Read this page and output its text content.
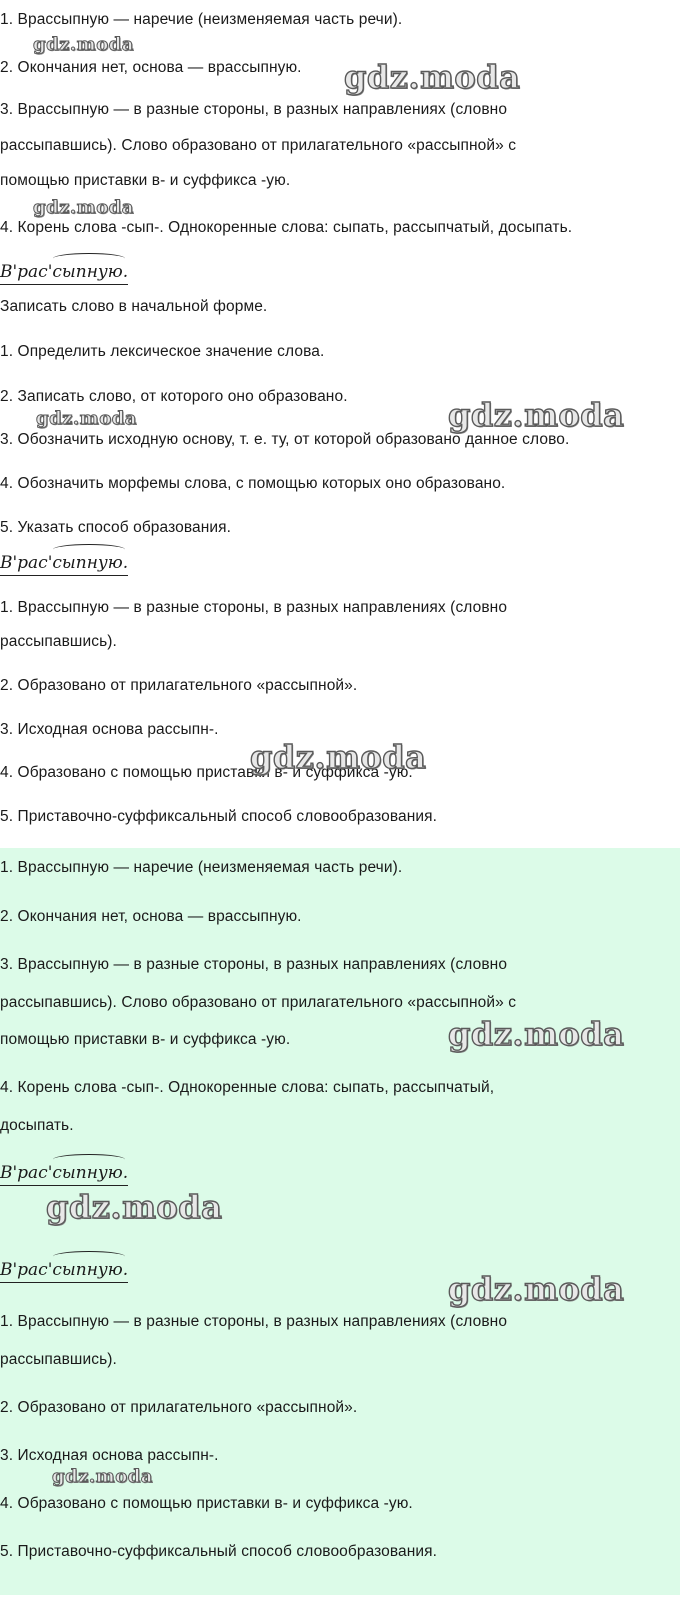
1. Врассыпную — наречие (неизменяемая часть речи).

2. Окончания нет, основа — врассыпную.

3. Врассыпную — в разные стороны, в разных направлениях (словно

рассыпавшись). Слово образовано от прилагательного «рассыпной» с

помощью приставки в- и суффикса -ую.

4. Корень слова -сып-. Однокоренные слова: сыпать, рассыпчатый, досыпать.

В'рас'сыпную.

Записать слово в начальной форме.

1. Определить лексическое значение слова.

2. Записать слово, от которого оно образовано.

3. Обозначить исходную основу, т. е. ту, от которой образовано данное слово.

4. Обозначить морфемы слова, с помощью которых оно образовано.

5. Указать способ образования.

В'рас'сыпную.

1. Врассыпную — в разные стороны, в разных направлениях (словно

рассыпавшись).

2. Образовано от прилагательного «рассыпной».

3. Исходная основа рассыпн-.

4. Образовано с помощью приставки в- и суффикса -ую.

5. Приставочно-суффиксальный способ словообразования.

1. Врассыпную — наречие (неизменяемая часть речи).

2. Окончания нет, основа — врассыпную.

3. Врассыпную — в разные стороны, в разных направлениях (словно

рассыпавшись). Слово образовано от прилагательного «рассыпной» с

помощью приставки в- и суффикса -ую.

4. Корень слова -сып-. Однокоренные слова: сыпать, рассыпчатый,

досыпать.

В'рас'сыпную.
В'рас'сыпную.

1. Врассыпную — в разные стороны, в разных направлениях (словно

рассыпавшись).

2. Образовано от прилагательного «рассыпной».

3. Исходная основа рассыпн-.

4. Образовано с помощью приставки в- и суффикса -ую.

5. Приставочно-суффиксальный способ словообразования.

gdz.moda
gdz.moda
gdz.moda
gdz.moda	gdz.moda
gdz.moda
gdz.moda
gdz.moda
gdz.moda
gdz.moda
